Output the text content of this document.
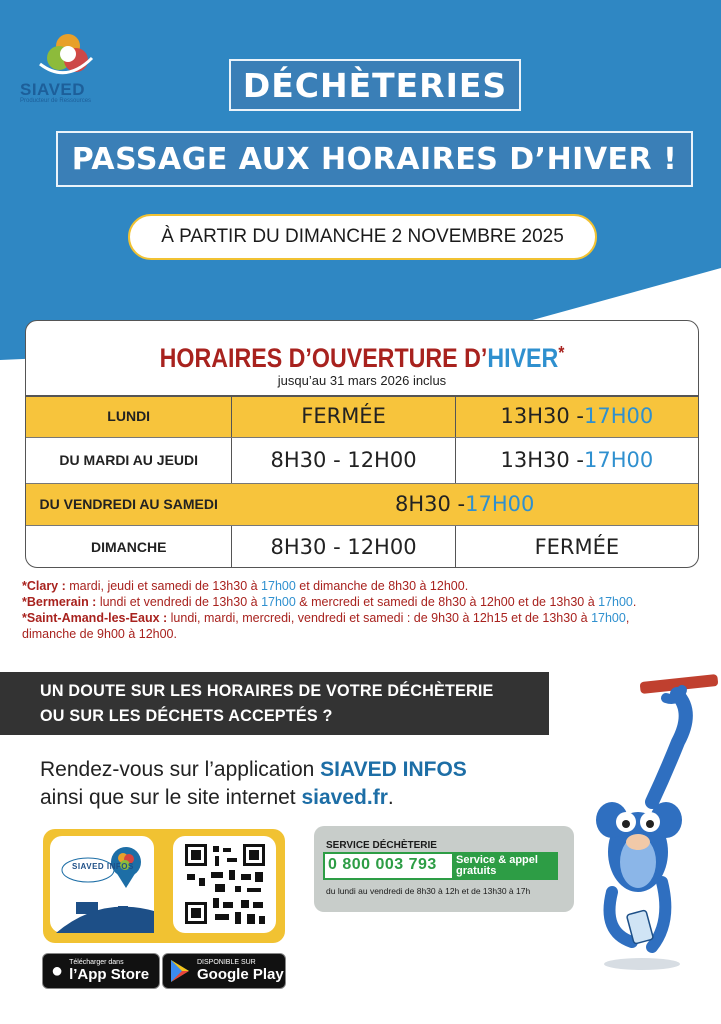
SIAVED
Producteur de Ressources	DÉCHÈTERIES
PASSAGE AUX HORAIRES D’HIVER !
À PARTIR DU DIMANCHE 2 NOVEMBRE 2025
HORAIRES D’OUVERTURE D’HIVER*
jusqu’au 31 mars 2026 inclus
LUNDI	FERMÉE	13H30 - 17H00
DU MARDI AU JEUDI	8H30 - 12H00	13H30 - 17H00
DU VENDREDI AU SAMEDI	8H30 - 17H00
DIMANCHE	8H30 - 12H00	FERMÉE
*Clary : mardi, jeudi et samedi de 13h30 à 17h00 et dimanche de 8h30 à 12h00.
*Bermerain : lundi et vendredi de 13h30 à 17h00 & mercredi et samedi de 8h30 à 12h00 et de 13h30 à 17h00.
*Saint-Amand-les-Eaux : lundi, mardi, mercredi, vendredi et samedi : de 9h30 à 12h15 et de 13h30 à 17h00,
dimanche de 9h00 à 12h00.
UN DOUTE SUR LES HORAIRES DE VOTRE DÉCHÈTERIE
OU SUR LES DÉCHETS ACCEPTÉS ?
Rendez-vous sur l’application SIAVED INFOS
ainsi que sur le site internet siaved.fr.
SIAVED INFOS
● Télécharger dans
l’App Store
DISPONIBLE SUR
Google Play
SERVICE DÉCHÈTERIE
0 800 003 793 Service & appel
gratuits
du lundi au vendredi de 8h30 à 12h et de 13h30 à 17h
